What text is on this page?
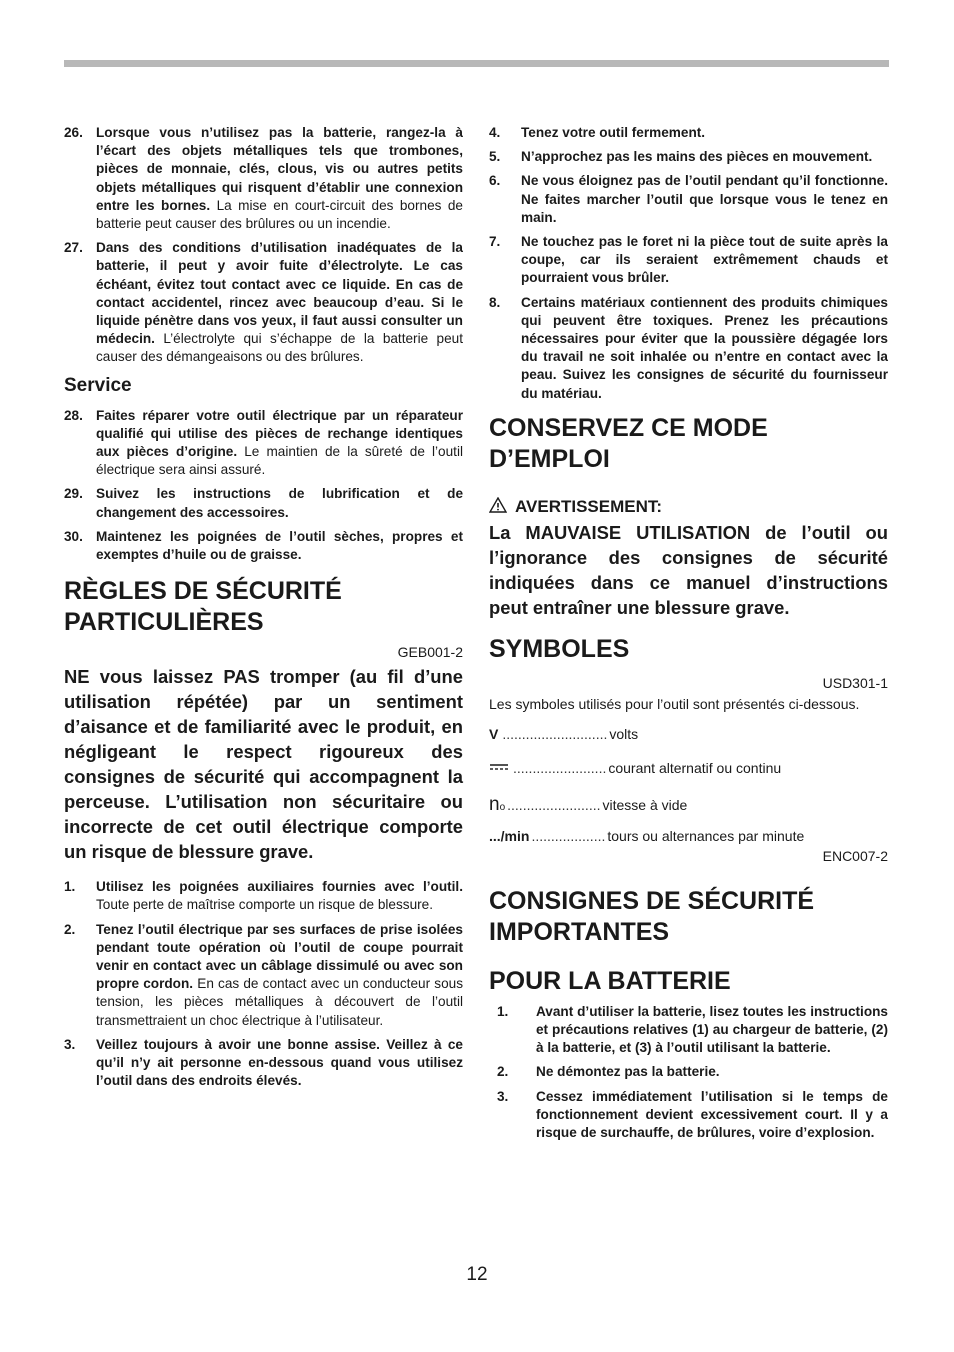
26. Lorsque vous n’utilisez pas la batterie, rangez-la à l’écart des objets métalliques tels que trombones, pièces de monnaie, clés, clous, vis ou autres petits objets métalliques qui risquent d’établir une connexion entre les bornes. La mise en court-circuit des bornes de batterie peut causer des brûlures ou un incendie.
27. Dans des conditions d’utilisation inadéquates de la batterie, il peut y avoir fuite d’électrolyte. Le cas échéant, évitez tout contact avec ce liquide. En cas de contact accidentel, rincez avec beaucoup d’eau. Si le liquide pénètre dans vos yeux, il faut aussi consulter un médecin. L’électrolyte qui s’échappe de la batterie peut causer des démangeaisons ou des brûlures.
Service
28. Faites réparer votre outil électrique par un réparateur qualifié qui utilise des pièces de rechange identiques aux pièces d’origine. Le maintien de la sûreté de l’outil électrique sera ainsi assuré.
29. Suivez les instructions de lubrification et de changement des accessoires.
30. Maintenez les poignées de l’outil sèches, propres et exemptes d’huile ou de graisse.
RÈGLES DE SÉCURITÉ
PARTICULIÈRES
GEB001-2
NE vous laissez PAS tromper (au fil d’une utilisation répétée) par un sentiment d’aisance et de familiarité avec le produit, en négligeant le respect rigoureux des consignes de sécurité qui accompagnent la perceuse. L’utilisation non sécuritaire ou incorrecte de cet outil électrique comporte un risque de blessure grave.
1.	Utilisez les poignées auxiliaires fournies avec l’outil. Toute perte de maîtrise comporte un risque de blessure.
2.	Tenez l’outil électrique par ses surfaces de prise isolées pendant toute opération où l’outil de coupe pourrait venir en contact avec un câblage dissimulé ou avec son propre cordon. En cas de contact avec un conducteur sous tension, les pièces métalliques à découvert de l’outil transmettraient un choc électrique à l’utilisateur.
3.	Veillez toujours à avoir une bonne assise. Veillez à ce qu’il n’y ait personne en-dessous quand vous utilisez l’outil dans des endroits élevés.
4.	Tenez votre outil fermement.
5.	N’approchez pas les mains des pièces en mouvement.
6.	Ne vous éloignez pas de l’outil pendant qu’il fonctionne. Ne faites marcher l’outil que lorsque vous le tenez en main.
7.	Ne touchez pas le foret ni la pièce tout de suite après la coupe, car ils seraient extrêmement chauds et pourraient vous brûler.
8.	Certains matériaux contiennent des produits chimiques qui peuvent être toxiques. Prenez les précautions nécessaires pour éviter que la poussière dégagée lors du travail ne soit inhalée ou n’entre en contact avec la peau. Suivez les consignes de sécurité du fournisseur du matériau.
CONSERVEZ CE MODE
D’EMPLOI
AVERTISSEMENT:
La MAUVAISE UTILISATION de l’outil ou l’ignorance des consignes de sécurité indiquées dans ce manuel d’instructions peut entraîner une blessure grave.
SYMBOLES
USD301-1
Les symboles utilisés pour l’outil sont présentés ci-dessous.
V ........................... volts
........................ courant alternatif ou continu
no ........................ vitesse à vide
.../min ................... tours ou alternances par minute
ENC007-2
CONSIGNES DE SÉCURITÉ
IMPORTANTES
POUR LA BATTERIE
1.	Avant d’utiliser la batterie, lisez toutes les instructions et précautions relatives (1) au chargeur de batterie, (2) à la batterie, et (3) à l’outil utilisant la batterie.
2.	Ne démontez pas la batterie.
3.	Cessez immédiatement l’utilisation si le temps de fonctionnement devient excessivement court. Il y a risque de surchauffe, de brûlures, voire d’explosion.
12
